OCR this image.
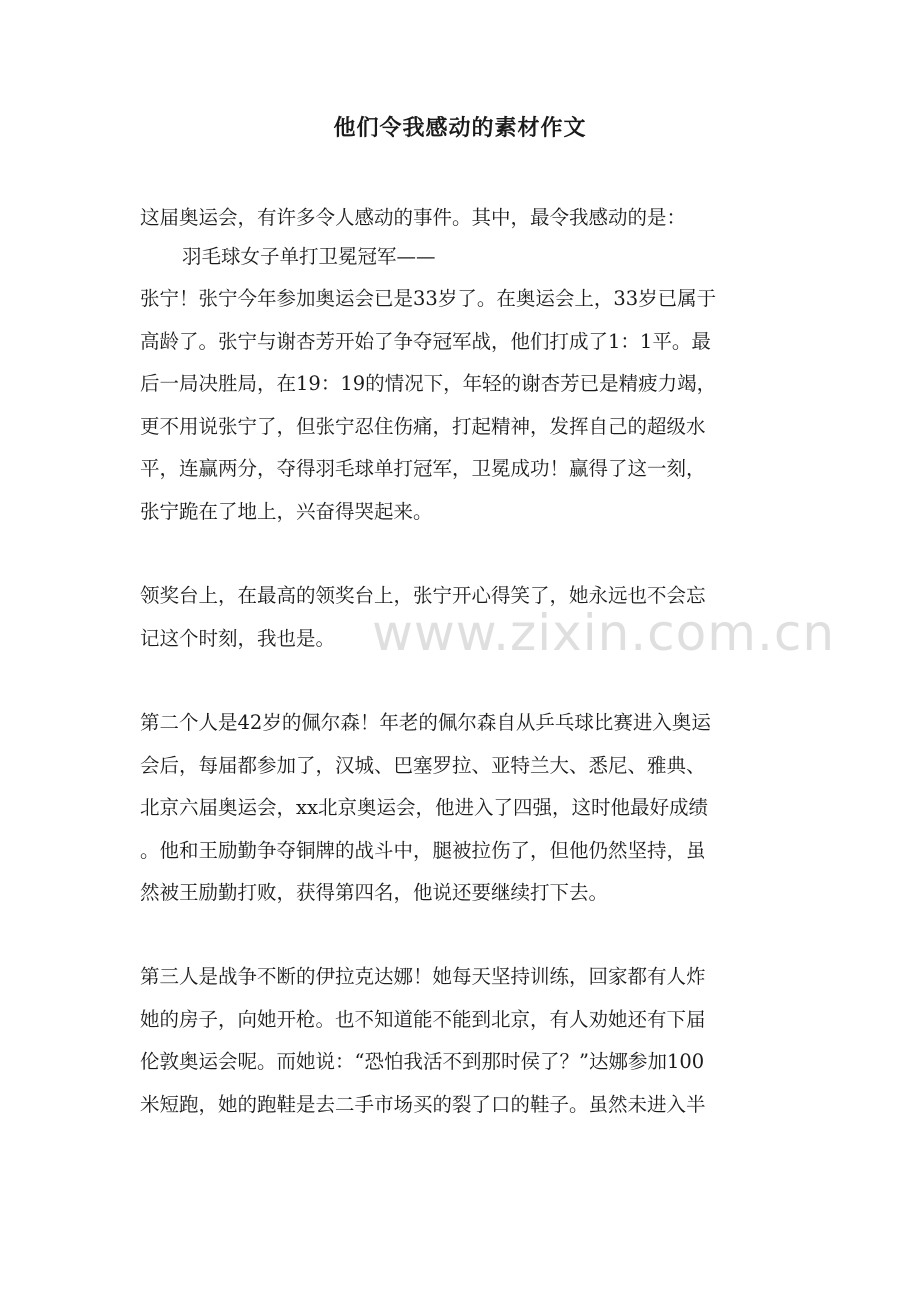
他们令我感动的素材作文
这届奥运会，有许多令人感动的事件。其中，最令我感动的是：
羽毛球女子单打卫冕冠军——
张宁！张宁今年参加奥运会已是33岁了。在奥运会上，33岁已属于
高龄了。张宁与谢杏芳开始了争夺冠军战，他们打成了1：1平。最
后一局决胜局，在19：19的情况下，年轻的谢杏芳已是精疲力竭，
更不用说张宁了，但张宁忍住伤痛，打起精神，发挥自己的超级水
平，连赢两分，夺得羽毛球单打冠军，卫冕成功！赢得了这一刻，
张宁跪在了地上，兴奋得哭起来。
领奖台上，在最高的领奖台上，张宁开心得笑了，她永远也不会忘
记这个时刻，我也是。
第二个人是42岁的佩尔森！年老的佩尔森自从乒乓球比赛进入奥运
会后，每届都参加了，汉城、巴塞罗拉、亚特兰大、悉尼、雅典、
北京六届奥运会，xx北京奥运会，他进入了四强，这时他最好成绩
。他和王励勤争夺铜牌的战斗中，腿被拉伤了，但他仍然坚持，虽
然被王励勤打败，获得第四名，他说还要继续打下去。
第三人是战争不断的伊拉克达娜！她每天坚持训练，回家都有人炸
她的房子，向她开枪。也不知道能不能到北京，有人劝她还有下届
伦敦奥运会呢。而她说：“恐怕我活不到那时侯了？”达娜参加100
米短跑，她的跑鞋是去二手市场买的裂了口的鞋子。虽然未进入半
www.zixin.com.cn
